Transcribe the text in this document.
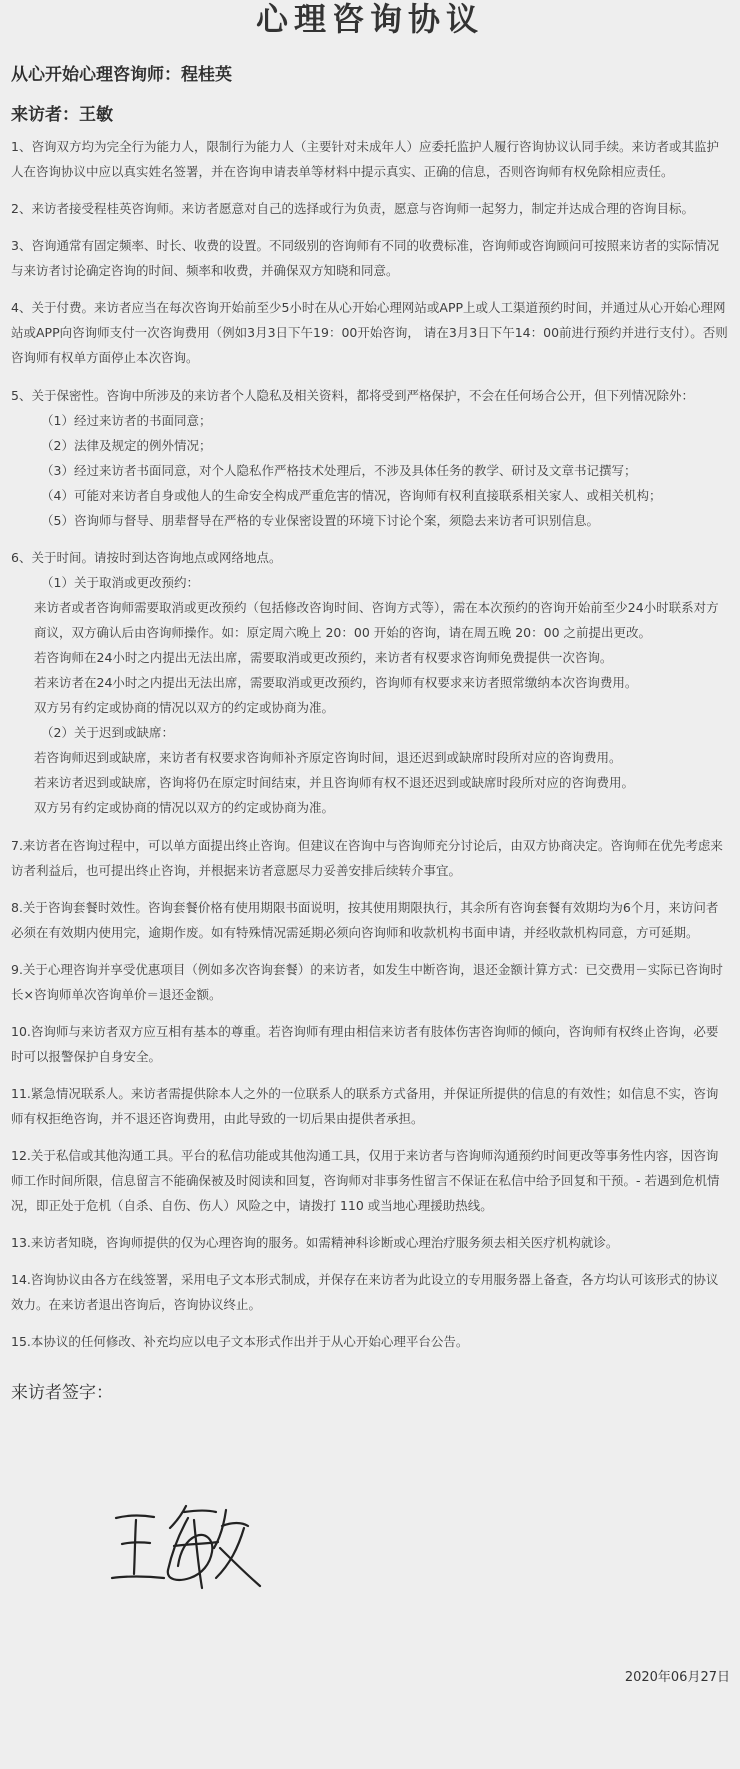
心理咨询协议
从心开始心理咨询师：程桂英
来访者：王敏

1、咨询双方均为完全行为能力人，限制行为能力人（主要针对未成年人）应委托监护人履行咨询协议认同手续。来访者或其监护人在咨询协议中应以真实姓名签署，并在咨询申请表单等材料中提示真实、正确的信息，否则咨询师有权免除相应责任。

2、来访者接受程桂英咨询师。来访者愿意对自己的选择或行为负责，愿意与咨询师一起努力，制定并达成合理的咨询目标。

3、咨询通常有固定频率、时长、收费的设置。不同级别的咨询师有不同的收费标准，咨询师或咨询顾问可按照来访者的实际情况与来访者讨论确定咨询的时间、频率和收费，并确保双方知晓和同意。

4、关于付费。来访者应当在每次咨询开始前至少5小时在从心开始心理网站或APP上或人工渠道预约时间，并通过从心开始心理网站或APP向咨询师支付一次咨询费用（例如3月3日下午19：00开始咨询， 请在3月3日下午14：00前进行预约并进行支付）。否则咨询师有权单方面停止本次咨询。

5、关于保密性。咨询中所涉及的来访者个人隐私及相关资料，都将受到严格保护，不会在任何场合公开，但下列情况除外：

（1）经过来访者的书面同意；

（2）法律及规定的例外情况；

（3）经过来访者书面同意，对个人隐私作严格技术处理后，不涉及具体任务的教学、研讨及文章书记撰写；

（4）可能对来访者自身或他人的生命安全构成严重危害的情况，咨询师有权利直接联系相关家人、或相关机构；

（5）咨询师与督导、朋辈督导在严格的专业保密设置的环境下讨论个案，须隐去来访者可识别信息。

6、关于时间。请按时到达咨询地点或网络地点。

（1）关于取消或更改预约：

来访者或者咨询师需要取消或更改预约（包括修改咨询时间、咨询方式等），需在本次预约的咨询开始前至少24小时联系对方商议，双方确认后由咨询师操作。如：原定周六晚上 20：00 开始的咨询，请在周五晚 20：00 之前提出更改。

若咨询师在24小时之内提出无法出席，需要取消或更改预约，来访者有权要求咨询师免费提供一次咨询。

若来访者在24小时之内提出无法出席，需要取消或更改预约，咨询师有权要求来访者照常缴纳本次咨询费用。

双方另有约定或协商的情况以双方的约定或协商为准。

（2）关于迟到或缺席：

若咨询师迟到或缺席，来访者有权要求咨询师补齐原定咨询时间，退还迟到或缺席时段所对应的咨询费用。

若来访者迟到或缺席，咨询将仍在原定时间结束，并且咨询师有权不退还迟到或缺席时段所对应的咨询费用。

双方另有约定或协商的情况以双方的约定或协商为准。

7.来访者在咨询过程中，可以单方面提出终止咨询。但建议在咨询中与咨询师充分讨论后，由双方协商决定。咨询师在优先考虑来访者利益后，也可提出终止咨询，并根据来访者意愿尽力妥善安排后续转介事宜。

8.关于咨询套餐时效性。咨询套餐价格有使用期限书面说明，按其使用期限执行，其余所有咨询套餐有效期均为6个月，来访问者必须在有效期内使用完，逾期作废。如有特殊情况需延期必须向咨询师和收款机构书面申请，并经收款机构同意，方可延期。

9.关于心理咨询并享受优惠项目（例如多次咨询套餐）的来访者，如发生中断咨询，退还金额计算方式：已交费用－实际已咨询时长×咨询师单次咨询单价＝退还金额。

10.咨询师与来访者双方应互相有基本的尊重。若咨询师有理由相信来访者有肢体伤害咨询师的倾向，咨询师有权终止咨询，必要时可以报警保护自身安全。

11.紧急情况联系人。来访者需提供除本人之外的一位联系人的联系方式备用，并保证所提供的信息的有效性；如信息不实，咨询师有权拒绝咨询，并不退还咨询费用，由此导致的一切后果由提供者承担。

12.关于私信或其他沟通工具。平台的私信功能或其他沟通工具，仅用于来访者与咨询师沟通预约时间更改等事务性内容，因咨询师工作时间所限，信息留言不能确保被及时阅读和回复，咨询师对非事务性留言不保证在私信中给予回复和干预。- 若遇到危机情况，即正处于危机（自杀、自伤、伤人）风险之中，请拨打 110 或当地心理援助热线。

13.来访者知晓，咨询师提供的仅为心理咨询的服务。如需精神科诊断或心理治疗服务须去相关医疗机构就诊。

14.咨询协议由各方在线签署，采用电子文本形式制成，并保存在来访者为此设立的专用服务器上备查，各方均认可该形式的协议效力。在来访者退出咨询后，咨询协议终止。

15.本协议的任何修改、补充均应以电子文本形式作出并于从心开始心理平台公告。

来访者签字：
2020年06月27日
